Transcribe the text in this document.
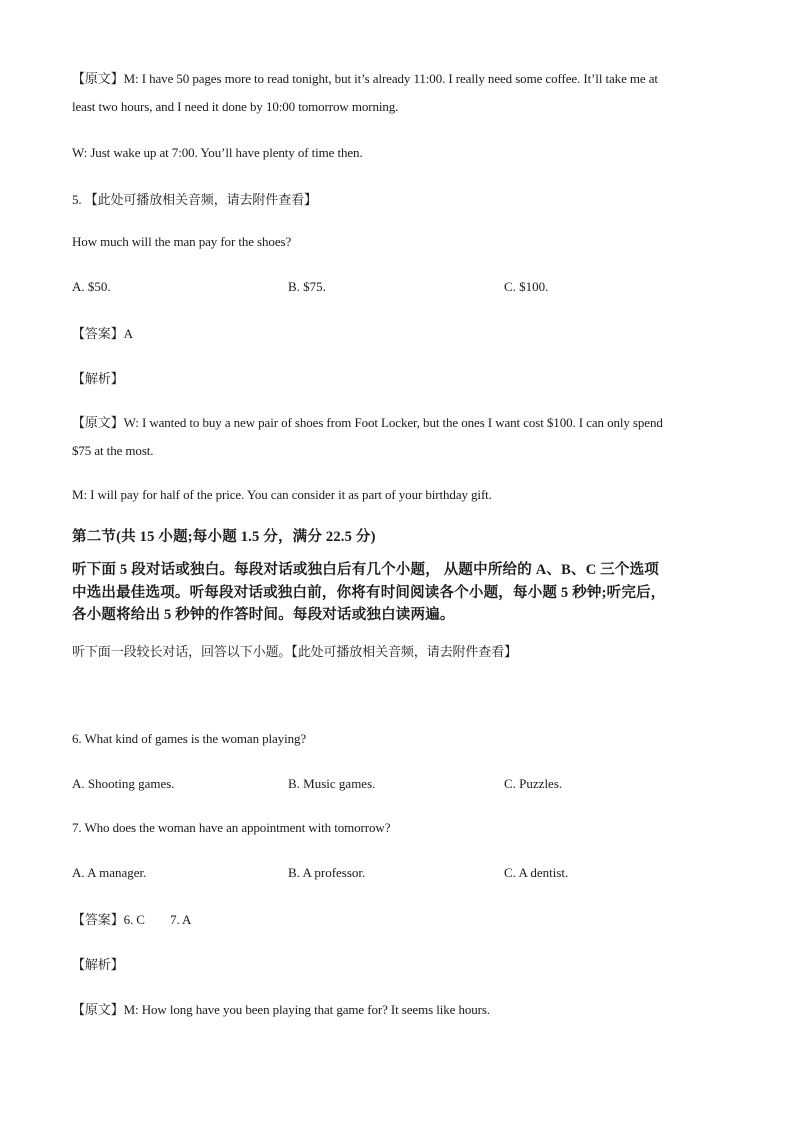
【原文】M: I have 50 pages more to read tonight, but it’s already 11:00. I really need some coffee. It’ll take me at
least two hours, and I need it done by 10:00 tomorrow morning.
W: Just wake up at 7:00. You’ll have plenty of time then.
5. 【此处可播放相关音频，请去附件查看】
How much will the man pay for the shoes?
A. $50.	B. $75.	C. $100.
【答案】A
【解析】
【原文】W: I wanted to buy a new pair of shoes from Foot Locker, but the ones I want cost $100. I can only spend
$75 at the most.
M: I will pay for half of the price. You can consider it as part of your birthday gift.
第二节(共 15 小题;每小题 1.5 分，满分 22.5 分)
听下面 5 段对话或独白。每段对话或独白后有几个小题， 从题中所给的 A、B、C 三个选项
中选出最佳选项。听每段对话或独白前，你将有时间阅读各个小题，每小题 5 秒钟;听完后，
各小题将给出 5 秒钟的作答时间。每段对话或独白读两遍。
听下面一段较长对话，回答以下小题。【此处可播放相关音频，请去附件查看】
6. What kind of games is the woman playing?
A. Shooting games.	B. Music games.	C. Puzzles.
7. Who does the woman have an appointment with tomorrow?
A. A manager.	B. A professor.	C. A dentist.
【答案】6. C        7. A
【解析】
【原文】M: How long have you been playing that game for? It seems like hours.
